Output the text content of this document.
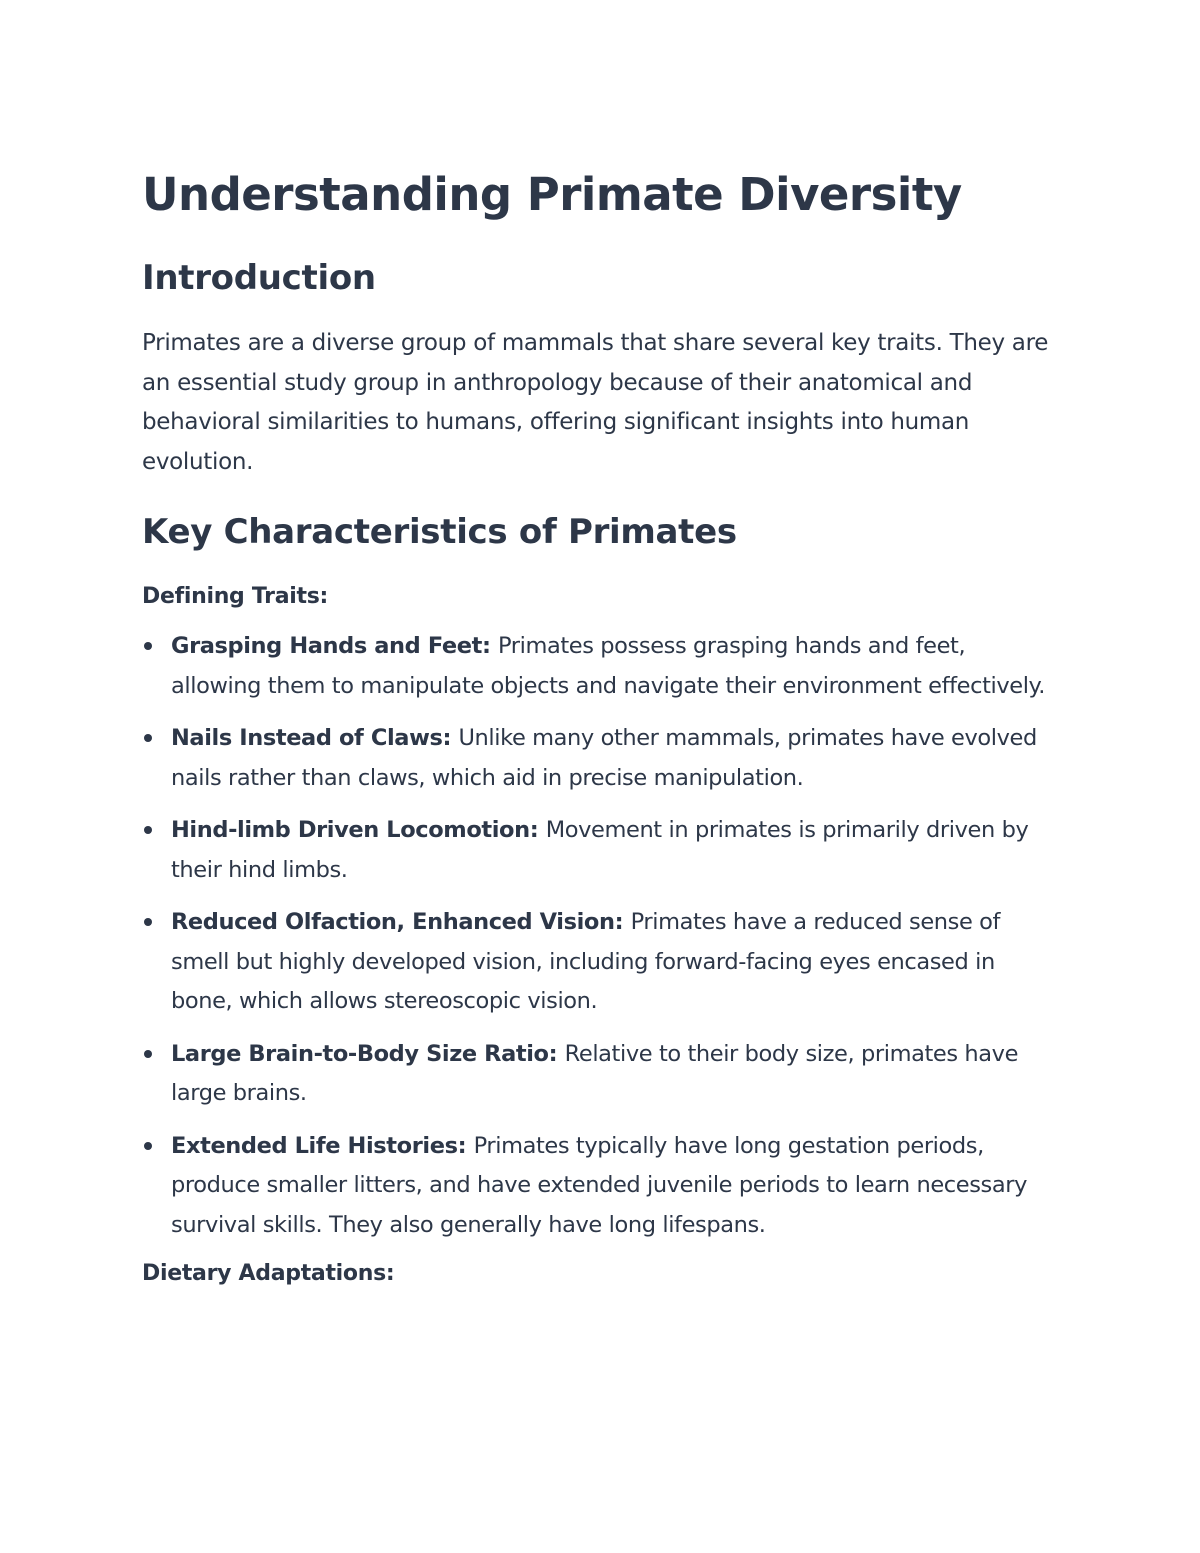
Understanding Primate Diversity
Introduction

Primates are a diverse group of mammals that share several key traits. They are an essential study group in anthropology because of their anatomical and behavioral similarities to humans, offering significant insights into human evolution.

Key Characteristics of Primates

Defining Traits:

Grasping Hands and Feet: Primates possess grasping hands and feet, allowing them to manipulate objects and navigate their environment effectively.
Nails Instead of Claws: Unlike many other mammals, primates have evolved nails rather than claws, which aid in precise manipulation.
Hind-limb Driven Locomotion: Movement in primates is primarily driven by their hind limbs.
Reduced Olfaction, Enhanced Vision: Primates have a reduced sense of smell but highly developed vision, including forward-facing eyes encased in bone, which allows stereoscopic vision.
Large Brain-to-Body Size Ratio: Relative to their body size, primates have large brains.
Extended Life Histories: Primates typically have long gestation periods, produce smaller litters, and have extended juvenile periods to learn necessary survival skills. They also generally have long lifespans.

Dietary Adaptations:
